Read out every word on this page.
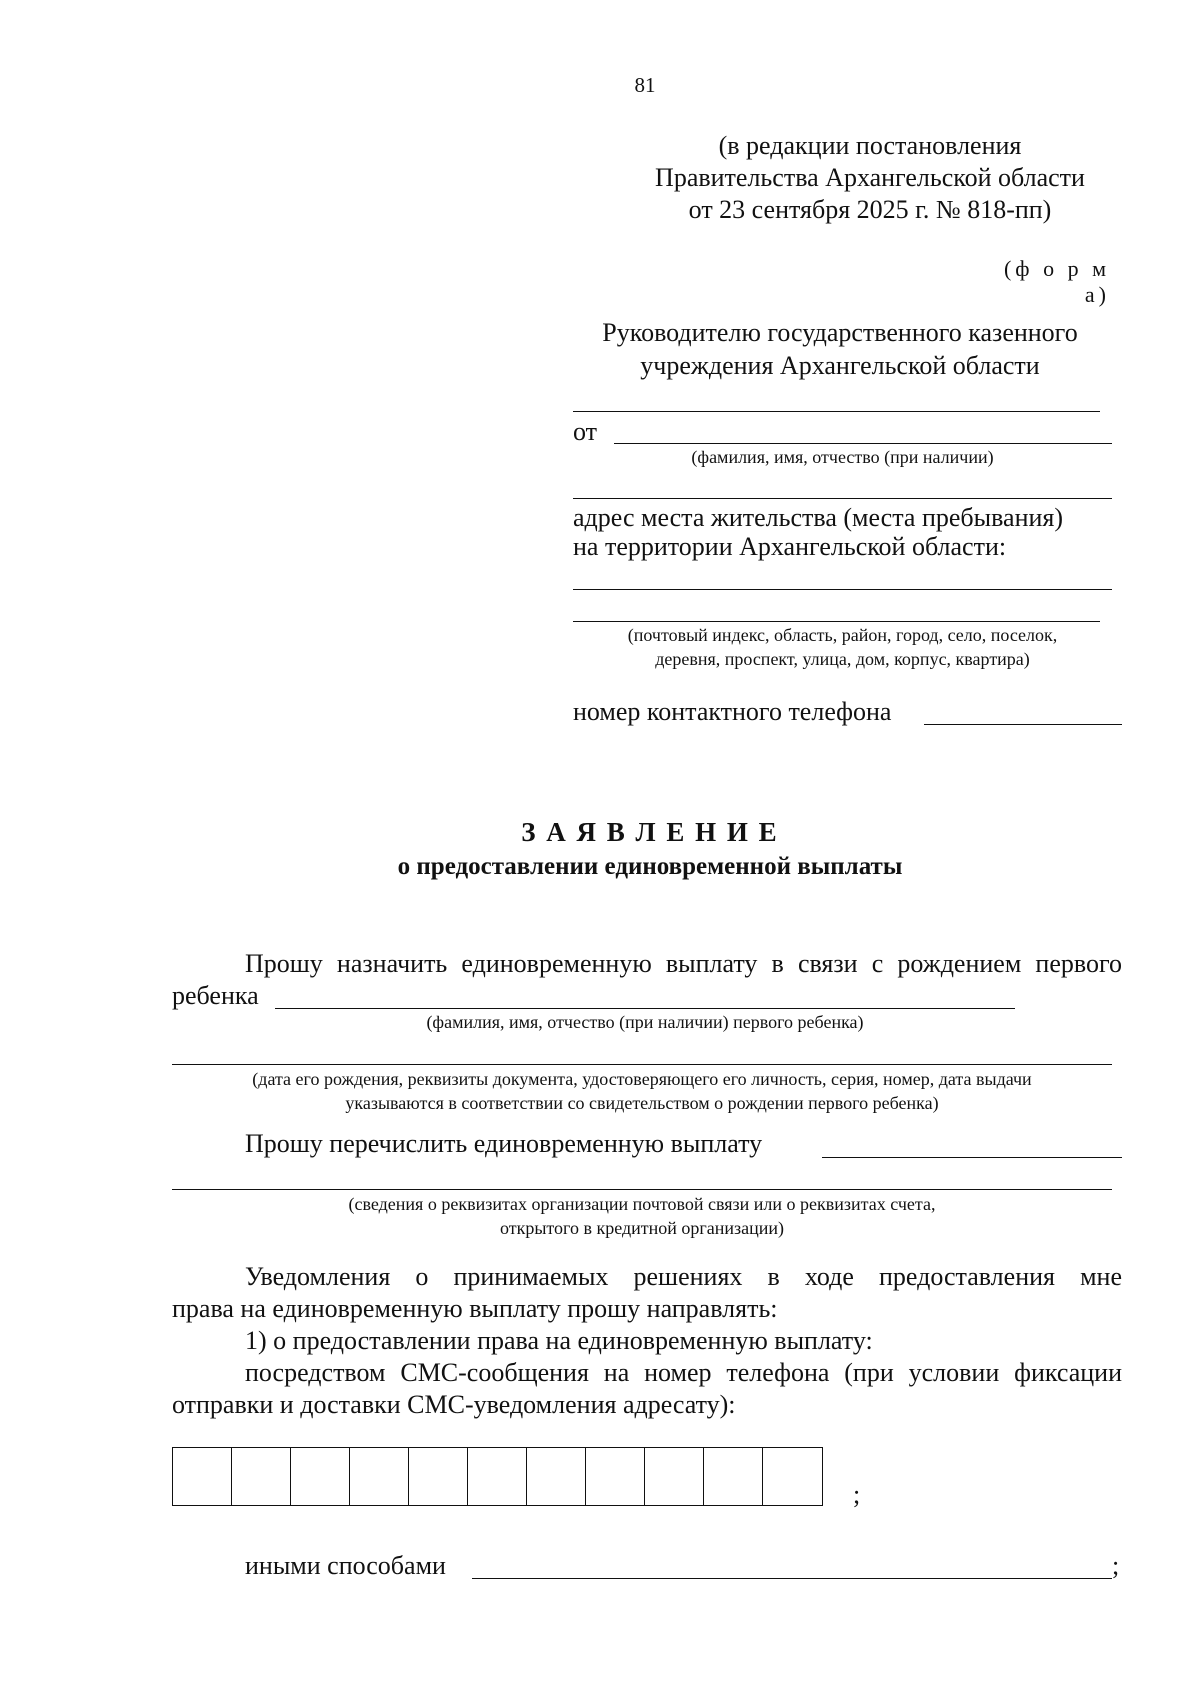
81
(в редакции постановления
Правительства Архангельской области
от 23 сентября 2025 г. № 818-пп)
(ф о р м а)
Руководителю государственного казенного
учреждения Архангельской области
от
(фамилия, имя, отчество (при наличии)
адрес места жительства (места пребывания)
на территории Архангельской области:
(почтовый индекс, область, район, город, село, поселок,
деревня, проспект, улица, дом, корпус, квартира)
номер контактного телефона
З А Я В Л Е Н И Е
о предоставлении единовременной выплаты
Прошу назначить единовременную выплату в связи с рождением первого
ребенка
(фамилия, имя, отчество (при наличии) первого ребенка)
(дата его рождения, реквизиты документа, удостоверяющего его личность, серия, номер, дата выдачи
указываются в соответствии со свидетельством о рождении первого ребенка)
Прошу перечислить единовременную выплату
(сведения о реквизитах организации почтовой связи или о реквизитах счета,
открытого в кредитной организации)
Уведомления о принимаемых решениях в ходе предоставления мне
права на единовременную выплату прошу направлять:
1) о предоставлении права на единовременную выплату:
посредством СМС-сообщения на номер телефона (при условии фиксации
отправки и доставки СМС-уведомления адресату):
;
иными способами	;
